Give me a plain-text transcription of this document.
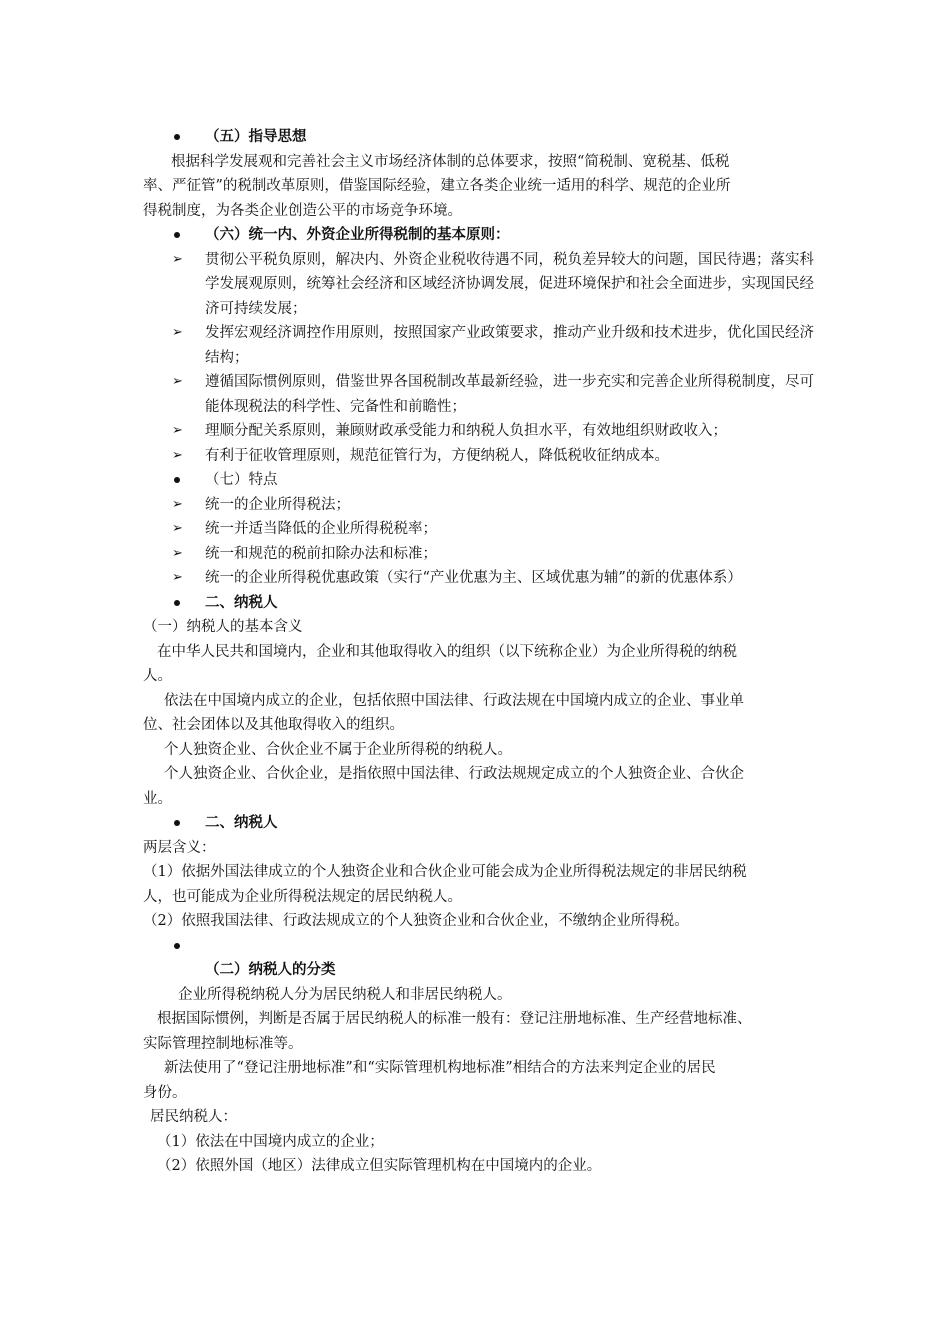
（五）指导思想
根据科学发展观和完善社会主义市场经济体制的总体要求，按照“简税制、宽税基、低税
率、严征管”的税制改革原则，借鉴国际经验，建立各类企业统一适用的科学、规范的企业所
得税制度，为各类企业创造公平的市场竞争环境。
（六）统一内、外资企业所得税制的基本原则：
➢ 贯彻公平税负原则，解决内、外资企业税收待遇不同，税负差异较大的问题，国民待遇；落实科学发展观原则，统筹社会经济和区域经济协调发展，促进环境保护和社会全面进步，实现国民经济可持续发展；
➢ 发挥宏观经济调控作用原则，按照国家产业政策要求，推动产业升级和技术进步，优化国民经济结构；
➢ 遵循国际惯例原则，借鉴世界各国税制改革最新经验，进一步充实和完善企业所得税制度，尽可能体现税法的科学性、完备性和前瞻性；
➢ 理顺分配关系原则，兼顾财政承受能力和纳税人负担水平，有效地组织财政收入；
➢ 有利于征收管理原则，规范征管行为，方便纳税人，降低税收征纳成本。
（七）特点
➢ 统一的企业所得税法；
➢ 统一并适当降低的企业所得税税率；
➢ 统一和规范的税前扣除办法和标准；
➢ 统一的企业所得税优惠政策（实行“产业优惠为主、区域优惠为辅”的新的优惠体系）
二、纳税人
（一）纳税人的基本含义
在中华人民共和国境内，企业和其他取得收入的组织（以下统称企业）为企业所得税的纳税
人。
依法在中国境内成立的企业，包括依照中国法律、行政法规在中国境内成立的企业、事业单
位、社会团体以及其他取得收入的组织。
个人独资企业、合伙企业不属于企业所得税的纳税人。
个人独资企业、合伙企业，是指依照中国法律、行政法规规定成立的个人独资企业、合伙企
业。
二、纳税人
两层含义：
（1）依据外国法律成立的个人独资企业和合伙企业可能会成为企业所得税法规定的非居民纳税
人，也可能成为企业所得税法规定的居民纳税人。
（2）依照我国法律、行政法规成立的个人独资企业和合伙企业，不缴纳企业所得税。

（二）纳税人的分类
企业所得税纳税人分为居民纳税人和非居民纳税人。
根据国际惯例，判断是否属于居民纳税人的标准一般有：登记注册地标准、生产经营地标准、
实际管理控制地标准等。
新法使用了“登记注册地标准”和“实际管理机构地标准”相结合的方法来判定企业的居民
身份。
居民纳税人：
（1）依法在中国境内成立的企业；
（2）依照外国（地区）法律成立但实际管理机构在中国境内的企业。
